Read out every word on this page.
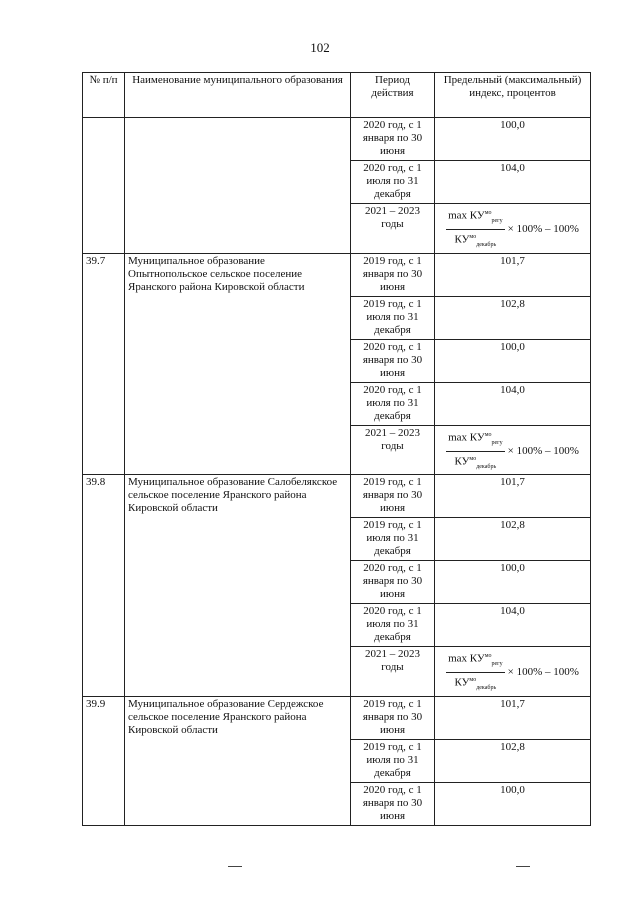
102
№ п/п	Наименование муниципального образования	Период действия	Предельный (максимальный) индекс, процентов
		2020 год, с 1 января по 30 июня	100,0
		2020 год, с 1 июля по 31 декабря	104,0
		2021 – 2023 годы	$\frac{\max КУ^{мо}_{регу}}{КУ^{мо}_{декабрь}} \times 100\% - 100\%$

39.7	Муниципальное образование Опытнопольское сельское поселение Яранского района Кировской области	2019 год, с 1 января по 30 июня	101,7
		2019 год, с 1 июля по 31 декабря	102,8
		2020 год, с 1 января по 30 июня	100,0
		2020 год, с 1 июля по 31 декабря	104,0
		2021 – 2023 годы	$\frac{\max КУ^{мо}_{регу}}{КУ^{мо}_{декабрь}} \times 100\% - 100\%$

39.8	Муниципальное образование Салобелякское сельское поселение Яранского района Кировской области	2019 год, с 1 января по 30 июня	101,7
		2019 год, с 1 июля по 31 декабря	102,8
		2020 год, с 1 января по 30 июня	100,0
		2020 год, с 1 июля по 31 декабря	104,0
		2021 – 2023 годы	$\frac{\max КУ^{мо}_{регу}}{КУ^{мо}_{декабрь}} \times 100\% - 100\%$

39.9	Муниципальное образование Сердежское сельское поселение Яранского района Кировской области	2019 год, с 1 января по 30 июня	101,7
		2019 год, с 1 июля по 31 декабря	102,8
		2020 год, с 1 января по 30 июня	100,0
